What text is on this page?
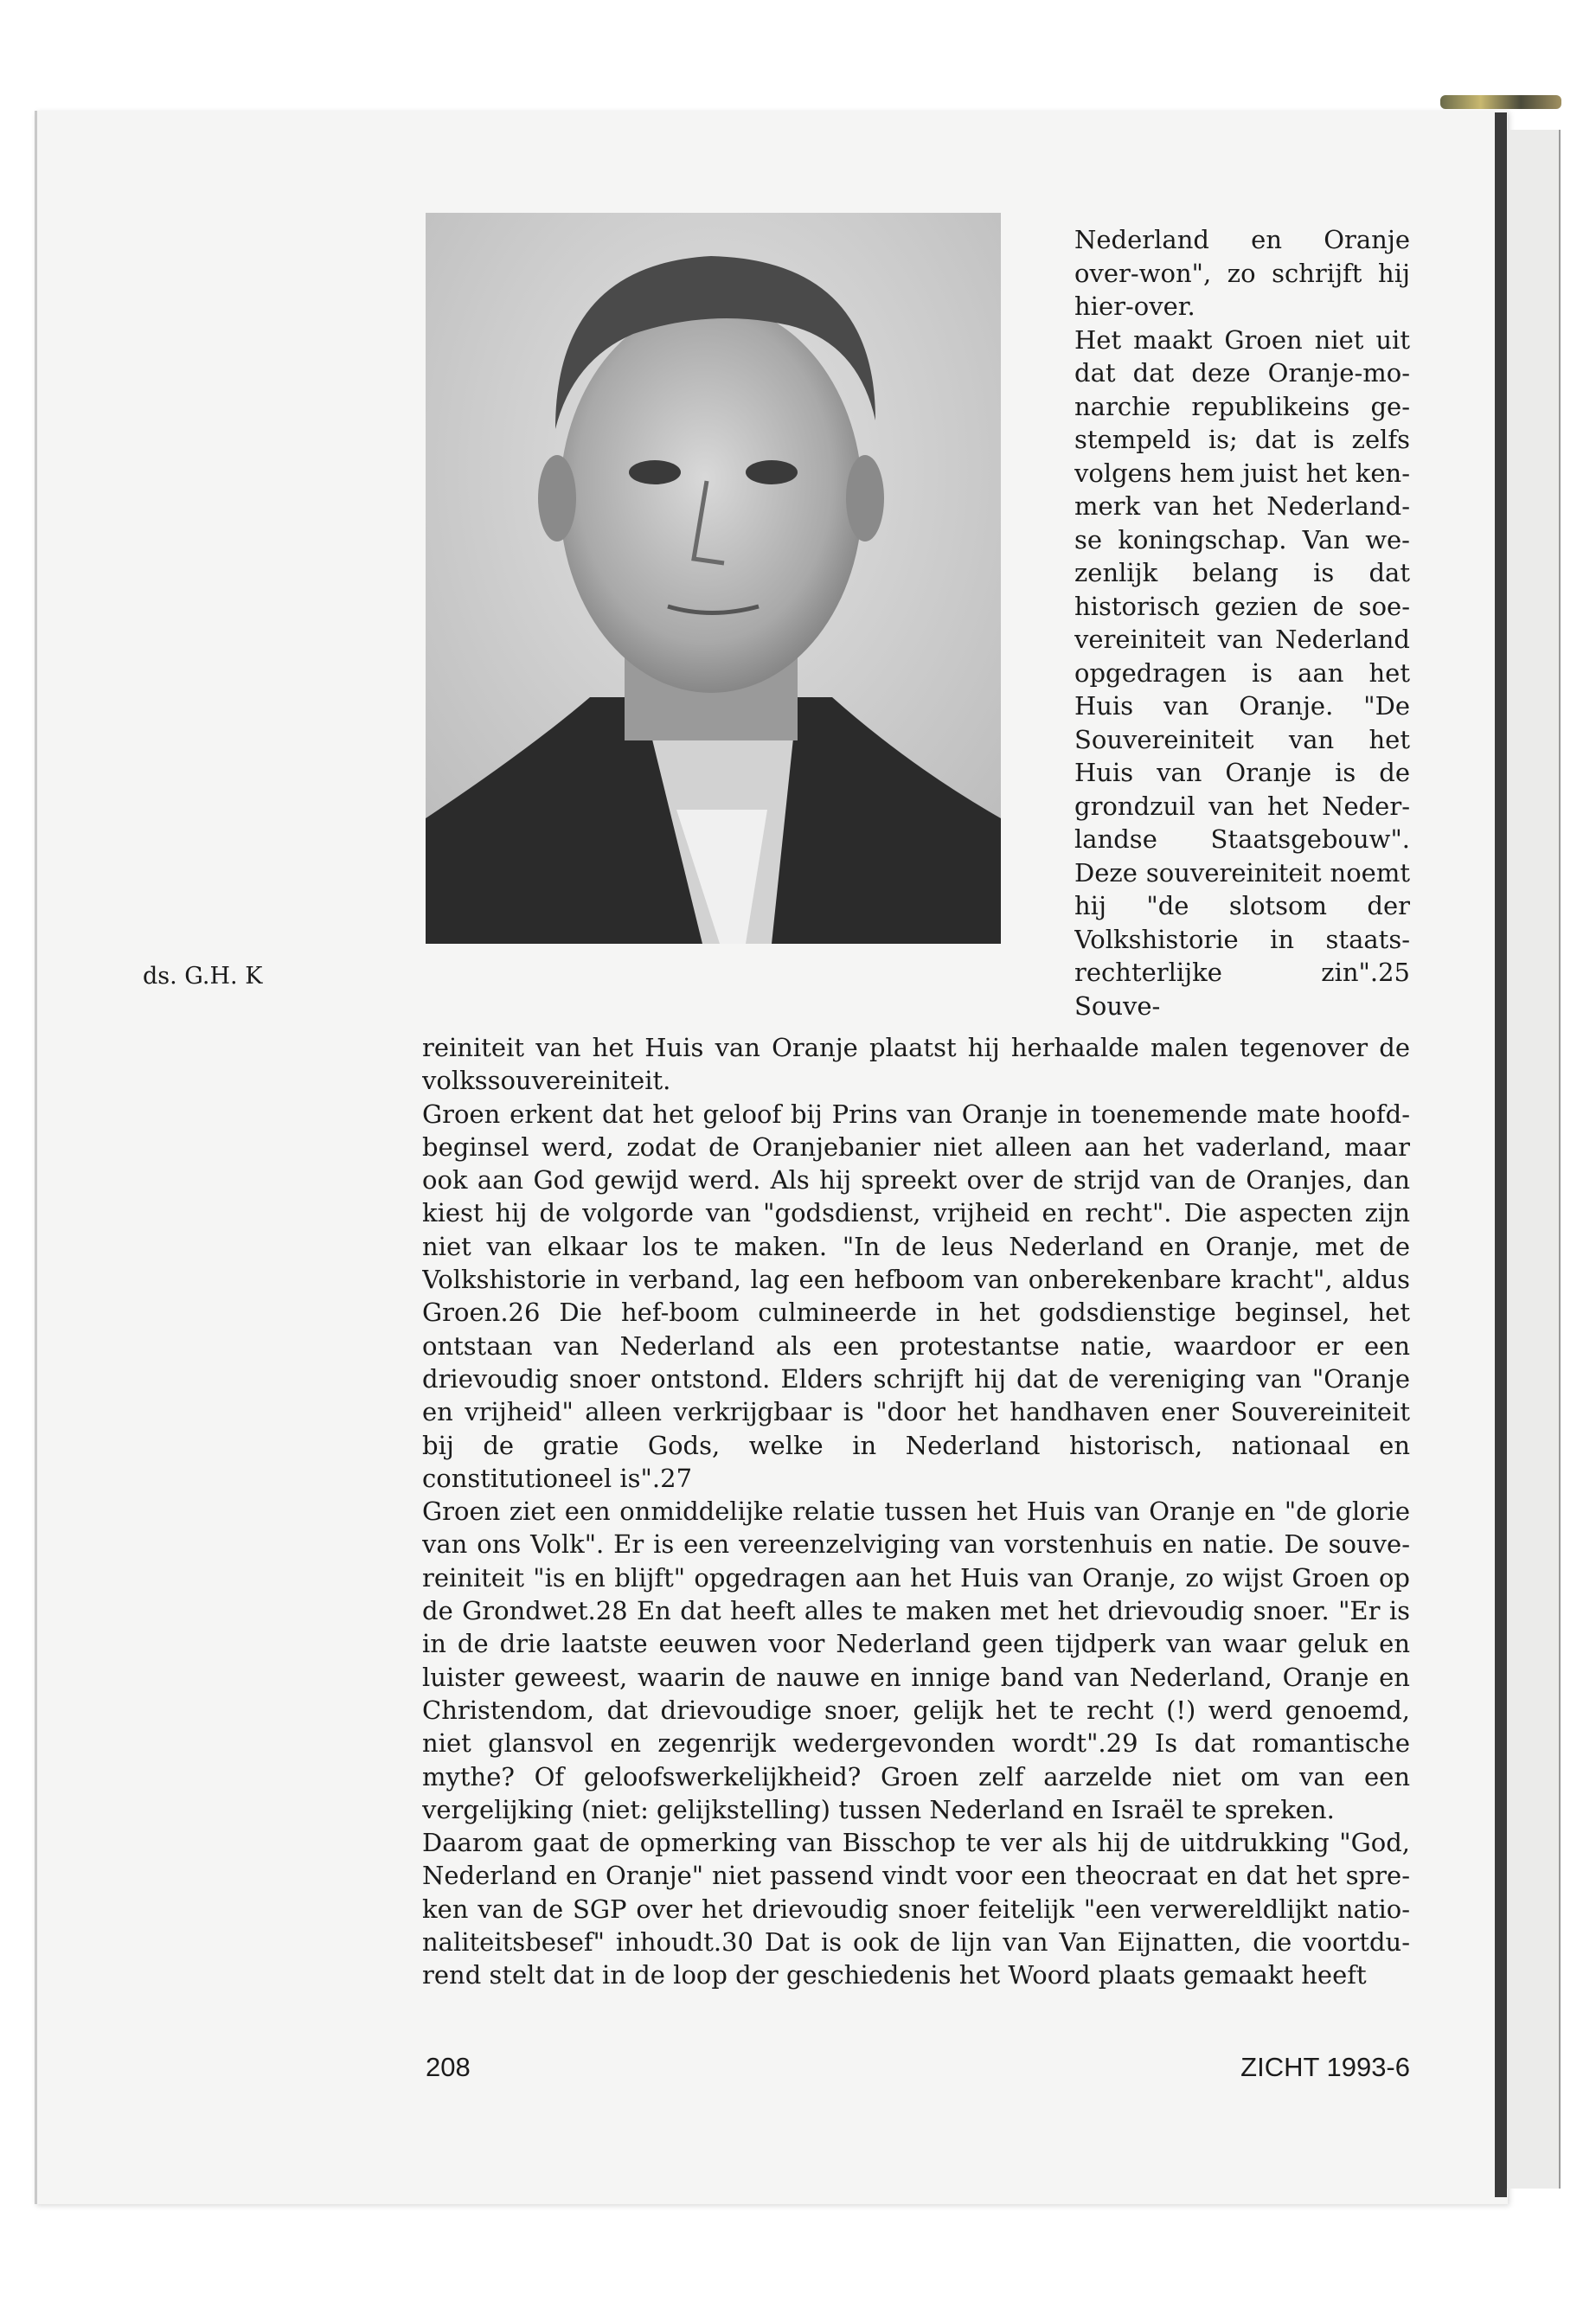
ds. G.H. K

Nederland en Oranje over-won", zo schrijft hij hier-over.

Het maakt Groen niet uit dat dat deze Oranje-mo-narchie republikeins ge-stempeld is; dat is zelfs volgens hem juist het ken-merk van het Nederland-se koningschap. Van we-zenlijk belang is dat historisch gezien de soe-vereiniteit van Nederland opgedragen is aan het Huis van Oranje. "De Souvereiniteit van het Huis van Oranje is de grondzuil van het Neder-landse Staatsgebouw". Deze souvereiniteit noemt hij "de slotsom der Volkshistorie in staats-rechterlijke zin".25 Souve-

reiniteit van het Huis van Oranje plaatst hij herhaalde malen tegenover de volkssouvereiniteit.

Groen erkent dat het geloof bij Prins van Oranje in toenemende mate hoofd-beginsel werd, zodat de Oranjebanier niet alleen aan het vaderland, maar ook aan God gewijd werd. Als hij spreekt over de strijd van de Oranjes, dan kiest hij de volgorde van "godsdienst, vrijheid en recht". Die aspecten zijn niet van elkaar los te maken. "In de leus Nederland en Oranje, met de Volkshistorie in verband, lag een hefboom van onberekenbare kracht", aldus Groen.26 Die hef-boom culmineerde in het godsdienstige beginsel, het ontstaan van Nederland als een protestantse natie, waardoor er een drievoudig snoer ontstond. Elders schrijft hij dat de vereniging van "Oranje en vrijheid" alleen verkrijgbaar is "door het handhaven ener Souvereiniteit bij de gratie Gods, welke in Nederland historisch, nationaal en constitutioneel is".27

Groen ziet een onmiddelijke relatie tussen het Huis van Oranje en "de glorie van ons Volk". Er is een vereenzelviging van vorstenhuis en natie. De souve-reiniteit "is en blijft" opgedragen aan het Huis van Oranje, zo wijst Groen op de Grondwet.28 En dat heeft alles te maken met het drievoudig snoer. "Er is in de drie laatste eeuwen voor Nederland geen tijdperk van waar geluk en luister geweest, waarin de nauwe en innige band van Nederland, Oranje en Christendom, dat drievoudige snoer, gelijk het te recht (!) werd genoemd, niet glansvol en zegenrijk wedergevonden wordt".29 Is dat romantische mythe? Of geloofswerkelijkheid? Groen zelf aarzelde niet om van een vergelijking (niet: gelijkstelling) tussen Nederland en Israël te spreken.

Daarom gaat de opmerking van Bisschop te ver als hij de uitdrukking "God, Nederland en Oranje" niet passend vindt voor een theocraat en dat het spre-ken van de SGP over het drievoudig snoer feitelijk "een verwereldlijkt natio-naliteitsbesef" inhoudt.30 Dat is ook de lijn van Van Eijnatten, die voortdu-rend stelt dat in de loop der geschiedenis het Woord plaats gemaakt heeft

208	ZICHT 1993-6
